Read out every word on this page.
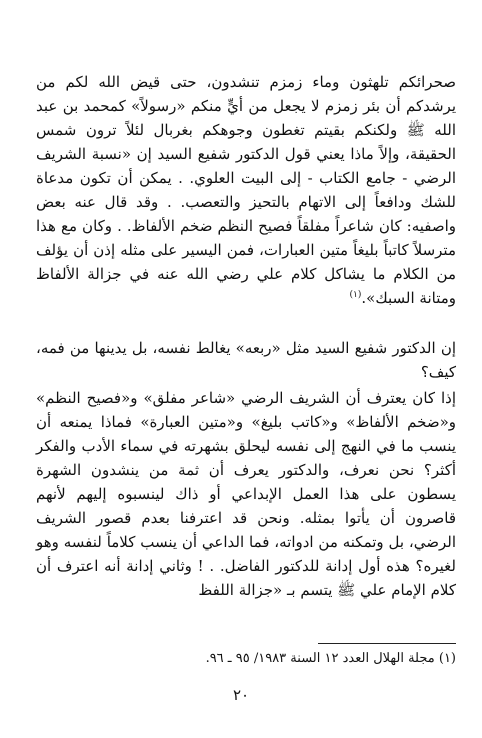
صحرائكم تلهثون وماء زمزم تنشدون، حتى قيض الله لكم من يرشدكم أن بئر زمزم لا يجعل من أيٍّ منكم «رسولاً» كمحمد بن عبد الله ﷺ ولكنكم بقيتم تغطون وجوهكم بغربال لئلاً ترون شمس الحقيقة، وإلاً ماذا يعني قول الدكتور شفيع السيد إن «نسبة الشريف الرضي - جامع الكتاب - إلى البيت العلوي. . يمكن أن تكون مدعاة للشك ودافعاً إلى الاتهام بالتحيز والتعصب. . وقد قال عنه بعض واصفيه: كان شاعراً مفلقاً فصيح النظم ضخم الألفاظ. . وكان مع هذا مترسلاً كاتباً بليغاً متين العبارات، فمن اليسير على مثله إذن أن يؤلف من الكلام ما يشاكل كلام علي رضي الله عنه في جزالة الألفاظ ومتانة السبك».$^{(١)}$

إن الدكتور شفيع السيد مثل «ربعه» يغالط نفسه، بل يدينها من فمه، كيف؟

إذا كان يعترف أن الشريف الرضي «شاعر مفلق» و«فصيح النظم» و«ضخم الألفاظ» و«كاتب بليغ» و«متين العبارة» فماذا يمنعه أن ينسب ما في النهج إلى نفسه ليحلق بشهرته في سماء الأدب والفكر أكثر؟ نحن نعرف، والدكتور يعرف أن ثمة من ينشدون الشهرة يسطون على هذا العمل الإبداعي أو ذاك لينسبوه إليهم لأنهم قاصرون أن يأتوا بمثله. ونحن قد اعترفنا بعدم قصور الشريف الرضي، بل وتمكنه من ادواته، فما الداعي أن ينسب كلاماً لنفسه وهو لغيره؟ هذه أول إدانة للدكتور الفاضل. . ! وثاني إدانة أنه اعترف أن كلام الإمام علي ﷺ يتسم بـ «جزالة اللفظ

(١) مجلة الهلال العدد ١٢ السنة ١٩٨٣/ ٩٥ ـ ٩٦.
٢٠
